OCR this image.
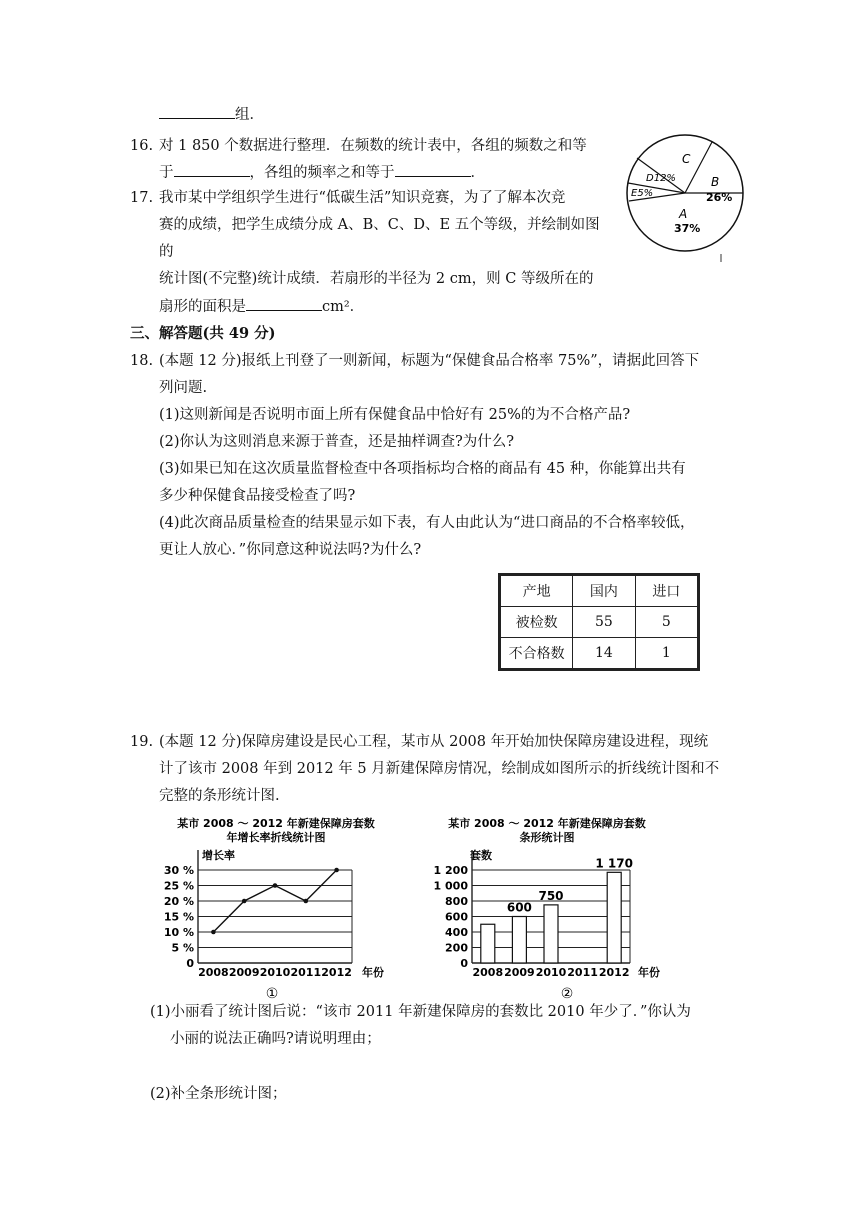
组．
16. 对 1 850 个数据进行整理．在频数的统计表中，各组的频数之和等
于	，各组的频率之和等于	．
17. 我市某中学组织学生进行“低碳生活”知识竞赛，为了了解本次竞
赛的成绩，把学生成绩分成 A、B、C、D、E 五个等级，并绘制如图
的
统计图(不完整)统计成绩．若扇形的半径为 2 cm，则 C 等级所在的
扇形的面积是	cm²．
C
D12%
E5%
B
26%
A
37%
三、解答题(共 49 分)
18. (本题 12 分)报纸上刊登了一则新闻，标题为“保健食品合格率 75%”，请据此回答下
列问题.
(1)这则新闻是否说明市面上所有保健食品中恰好有 25%的为不合格产品?
(2)你认为这则消息来源于普查，还是抽样调查?为什么?
(3)如果已知在这次质量监督检查中各项指标均合格的商品有 45 种，你能算出共有
多少种保健食品接受检查了吗?
(4)此次商品质量检查的结果显示如下表，有人由此认为“进口商品的不合格率较低，
更让人放心．”你同意这种说法吗?为什么?
产地	国内	进口
被检数	55	5
不合格数	14	1
19. (本题 12 分)保障房建设是民心工程，某市从 2008 年开始加快保障房建设进程，现统
计了该市 2008 年到 2012 年 5 月新建保障房情况，绘制成如图所示的折线统计图和不
完整的条形统计图.
某市 2008 ～ 2012 年新建保障房套数
年增长率折线统计图
增长率
年份
①
0
5 %
10 %
15 %
20 %
25 %
30 %
2008 2009 2010 2011 2012
某市 2008 ～ 2012 年新建保障房套数
条形统计图
套数
年份
②
0
200
400
600
800
1 000
1 200
2008
600
2009
750
2010 2011
1 170
2012
(1)小丽看了统计图后说：“该市 2011 年新建保障房的套数比 2010 年少了．”你认为
小丽的说法正确吗?请说明理由；
(2)补全条形统计图；
